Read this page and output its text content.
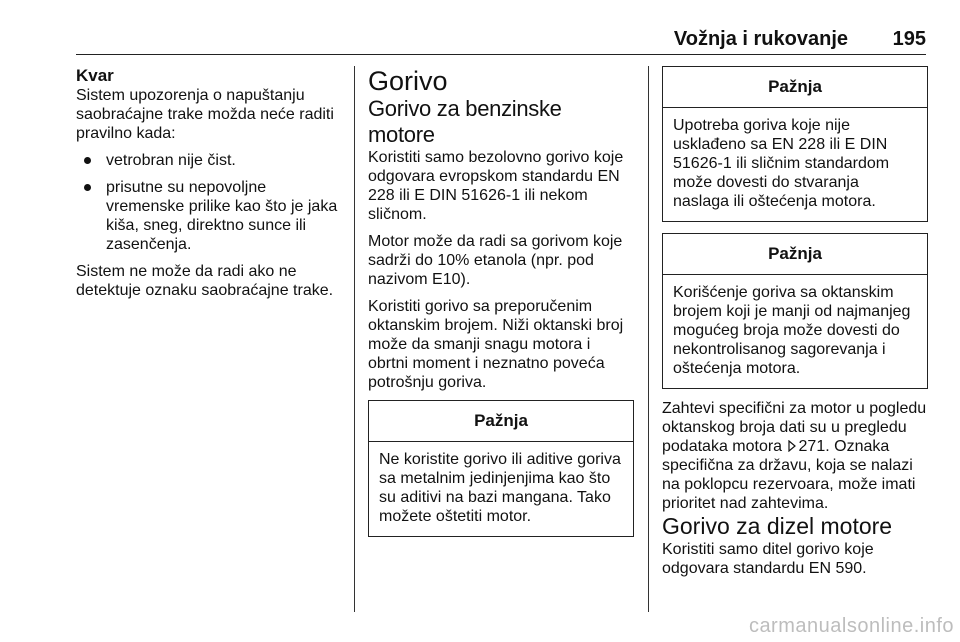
Vožnja i rukovanje 195

Kvar

Sistem upozorenja o napuštanju saobraćajne trake možda neće raditi pravilno kada:

vetrobran nije čist.
prisutne su nepovoljne vremenske prilike kao što je jaka kiša, sneg, direktno sunce ili zasenčenja.

Sistem ne može da radi ako ne detektuje oznaku saobraćajne trake.

Gorivo

Gorivo za benzinske motore

Koristiti samo bezolovno gorivo koje odgovara evropskom standardu EN 228 ili E DIN 51626-1 ili nekom sličnom.

Motor može da radi sa gorivom koje sadrži do 10% etanola (npr. pod nazivom E10).

Koristiti gorivo sa preporučenim oktanskim brojem. Niži oktanski broj može da smanji snagu motora i obrtni moment i neznatno poveća potrošnju goriva.

Pažnja
Ne koristite gorivo ili aditive goriva sa metalnim jedinjenjima kao što su aditivi na bazi mangana. Tako možete oštetiti motor.
Pažnja
Upotreba goriva koje nije usklađeno sa EN 228 ili E DIN 51626-1 ili sličnim standardom može dovesti do stvaranja naslaga ili oštećenja motora.
Pažnja
Korišćenje goriva sa oktanskim brojem koji je manji od najmanjeg mogućeg broja može dovesti do nekontrolisanog sagorevanja i oštećenja motora.

Zahtevi specifični za motor u pogledu oktanskog broja dati su u pregledu podataka motora 271. Oznaka specifična za državu, koja se nalazi na poklopcu rezervoara, može imati prioritet nad zahtevima.

Gorivo za dizel motore

Koristiti samo ditel gorivo koje odgovara standardu EN 590.

carmanualsonline.info
